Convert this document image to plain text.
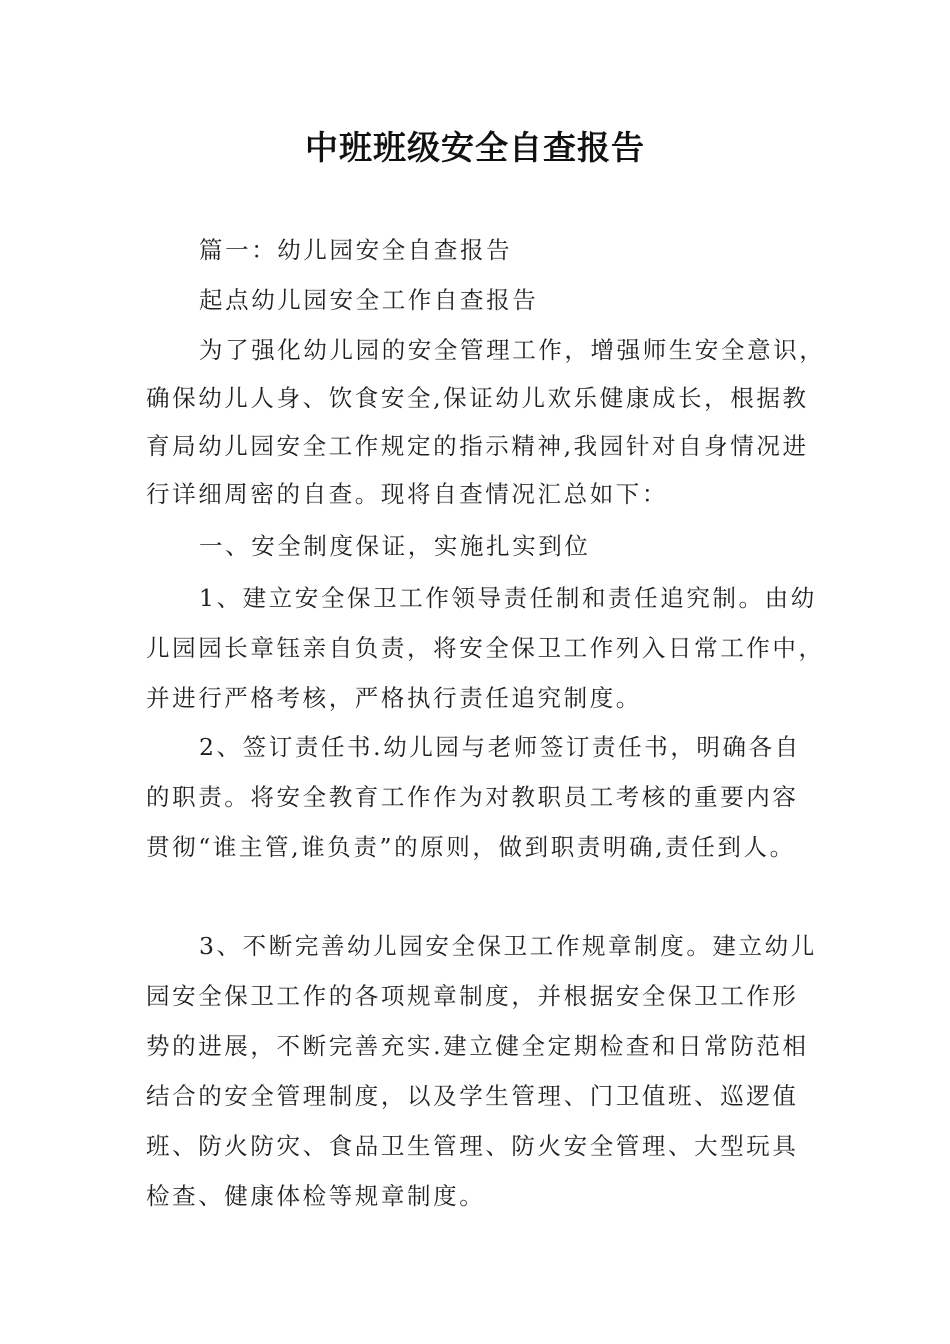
中班班级安全自查报告
篇一：幼儿园安全自查报告
起点幼儿园安全工作自查报告
为了强化幼儿园的安全管理工作，增强师生安全意识，
确保幼儿人身、饮食安全,保证幼儿欢乐健康成长，根据教
育局幼儿园安全工作规定的指示精神,我园针对自身情况进
行详细周密的自查。现将自查情况汇总如下：
一、安全制度保证，实施扎实到位
1、建立安全保卫工作领导责任制和责任追究制。由幼
儿园园长章钰亲自负责，将安全保卫工作列入日常工作中，
并进行严格考核，严格执行责任追究制度。
2、签订责任书.幼儿园与老师签订责任书，明确各自
的职责。将安全教育工作作为对教职员工考核的重要内容
贯彻“谁主管,谁负责”的原则，做到职责明确,责任到人。
3、不断完善幼儿园安全保卫工作规章制度。建立幼儿
园安全保卫工作的各项规章制度，并根据安全保卫工作形
势的进展，不断完善充实.建立健全定期检查和日常防范相
结合的安全管理制度，以及学生管理、门卫值班、巡逻值
班、防火防灾、食品卫生管理、防火安全管理、大型玩具
检查、健康体检等规章制度。
